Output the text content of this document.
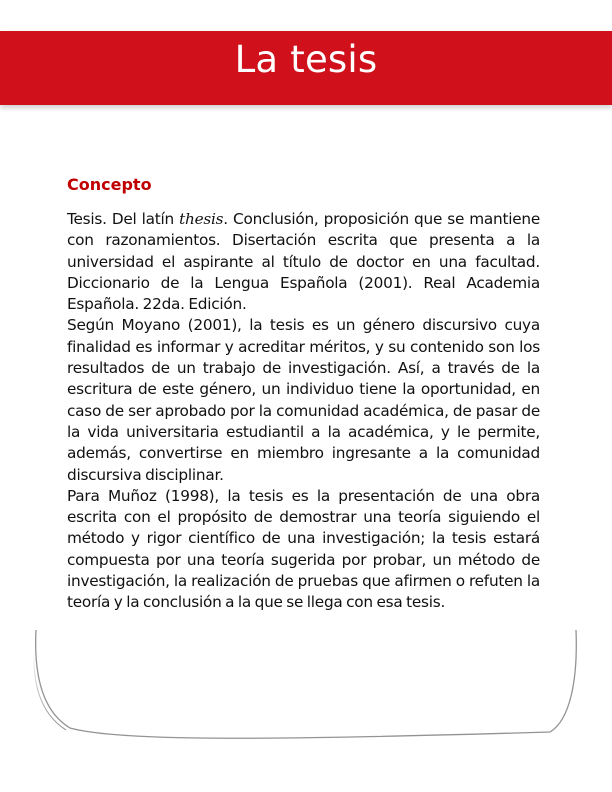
La tesis
Concepto

Tesis. Del latín thesis. Conclusión, proposición que se mantiene con razonamientos. Disertación escrita que presenta a la universidad el aspirante al título de doctor en una facultad. Diccionario de la Lengua Española (2001). Real Academia Española. 22da. Edición.

Según Moyano (2001), la tesis es un género discursivo cuya finalidad es informar y acreditar méritos, y su contenido son los resultados de un trabajo de investigación. Así, a través de la escritura de este género, un individuo tiene la oportunidad, en caso de ser aprobado por la comunidad académica, de pasar de la vida universitaria estudiantil a la académica, y le permite, además, convertirse en miembro ingresante a la comunidad discursiva disciplinar.

Para Muñoz (1998), la tesis es la presentación de una obra escrita con el propósito de demostrar una teoría siguiendo el método y rigor científico de una investigación; la tesis estará compuesta por una teoría sugerida por probar, un método de investigación, la realización de pruebas que afirmen o refuten la teoría y la conclusión a la que se llega con esa tesis.
